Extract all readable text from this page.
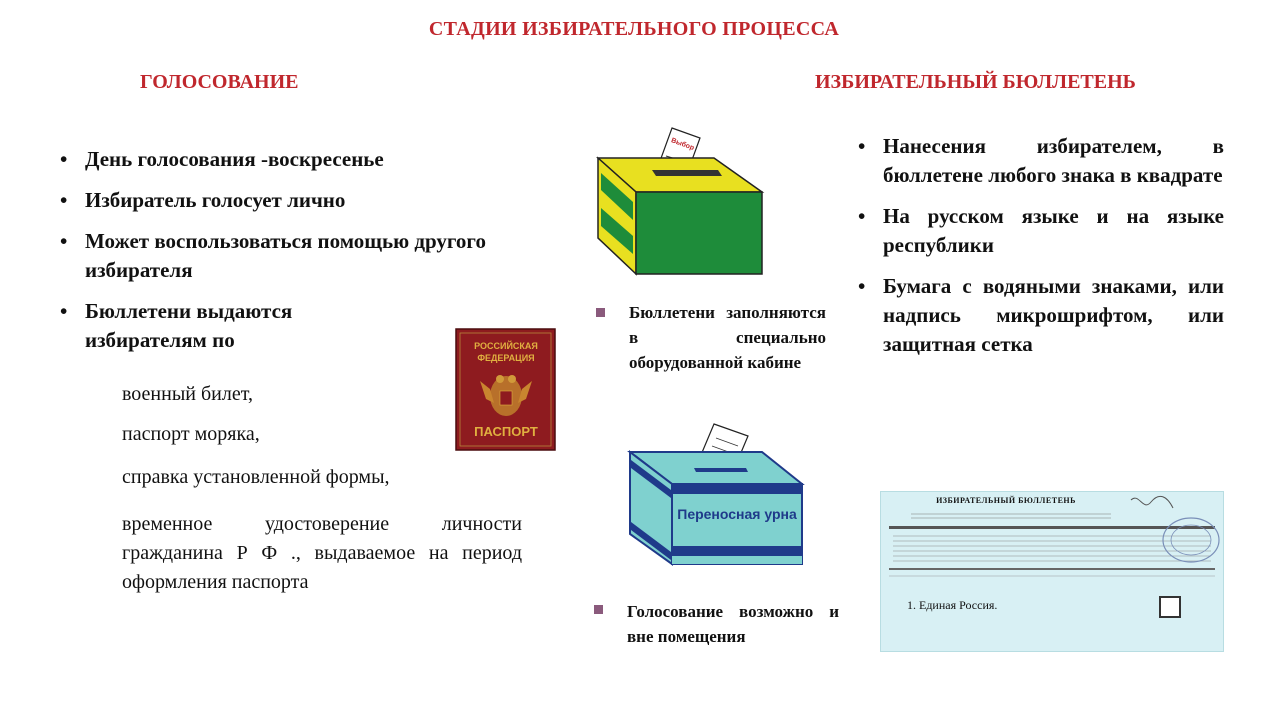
СТАДИИ ИЗБИРАТЕЛЬНОГО ПРОЦЕССА
ГОЛОСОВАНИЕ	ИЗБИРАТЕЛЬНЫЙ БЮЛЛЕТЕНЬ
• День голосования -воскресенье
• Избиратель голосует лично
• Может воспользоваться помощью другого избирателя
• Бюллетени выдаются избирателям по
военный билет,
паспорт моряка,
справка установленной формы,
временное удостоверение личности гражданина Р Ф ., выдаваемое на период оформления паспорта
РОССИЙСКАЯ
ФЕДЕРАЦИЯ
ПАСПОРТ
Выбор
Бюллетени заполняются в специально оборудованной кабине
Переносная урна
Голосование возможно и вне помещения
• Нанесения избирателем, в бюллетене любого знака в квадрате
• На русском языке и на языке республики
• Бумага с водяными знаками, или надпись микрошрифтом, или защитная сетка
ИЗБИРАТЕЛЬНЫЙ БЮЛЛЕТЕНЬ
1. Единая Россия.
